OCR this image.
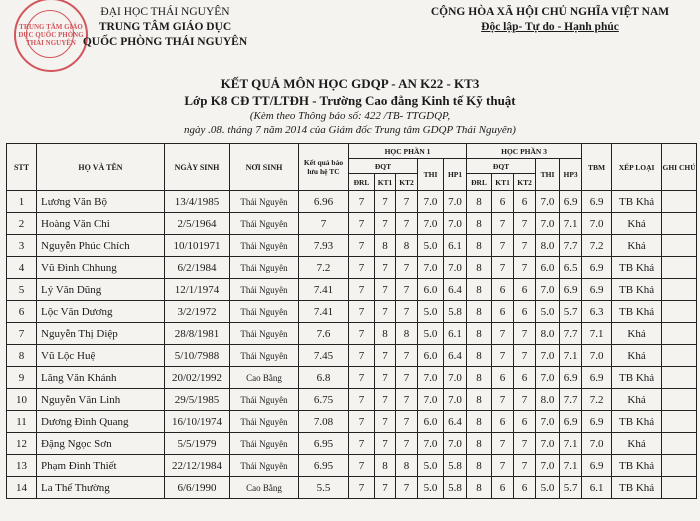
TRUNG TÂM GIÁO DỤC QUỐC PHÒNG THÁI NGUYÊN
ĐẠI HỌC THÁI NGUYÊN
TRUNG TÂM GIÁO DỤC
QUỐC PHÒNG THÁI NGUYÊN
CỘNG HÒA XÃ HỘI CHỦ NGHĨA VIỆT NAM
Độc lập- Tự do - Hạnh phúc
KẾT QUẢ MÔN HỌC GDQP - AN K22 - KT3
Lớp K8 CĐ TT/LTĐH - Trường Cao đẳng Kinh tế Kỹ thuật
(Kèm theo Thông báo số: 422 /TB- TTGDQP,
ngày .08. tháng 7 năm 2014 của Giám đốc Trung tâm GDQP Thái Nguyên)
STT	HỌ VÀ TÊN	NGÀY SINH	NƠI SINH	Kết quả bảo lưu hệ TC	HỌC PHẦN 1					HỌC PHẦN 3					TBM	XẾP LOẠI	GHI CHÚ
					ĐQT			THI	HP1	ĐQT			THI	HP3			
					ĐRL	KT1	KT2			ĐRL	KT1	KT2					
1	Lương Văn Bộ	13/4/1985	Thái Nguyên	6.96	7	7	7	7.0	7.0	8	6	6	7.0	6.9	6.9	TB Khá	
2	Hoàng Văn Chi	2/5/1964	Thái Nguyên	7	7	7	7	7.0	7.0	8	7	7	7.0	7.1	7.0	Khá	
3	Nguyễn Phúc Chích	10/101971	Thái Nguyên	7.93	7	8	8	5.0	6.1	8	7	7	8.0	7.7	7.2	Khá	
4	Vũ Đình Chhung	6/2/1984	Thái Nguyên	7.2	7	7	7	7.0	7.0	8	7	7	6.0	6.5	6.9	TB Khá	
5	Lý Văn Dũng	12/1/1974	Thái Nguyên	7.41	7	7	7	6.0	6.4	8	6	6	7.0	6.9	6.9	TB Khá	
6	Lộc Văn Dương	3/2/1972	Thái Nguyên	7.41	7	7	7	5.0	5.8	8	6	6	5.0	5.7	6.3	TB Khá	
7	Nguyễn Thị Diệp	28/8/1981	Thái Nguyên	7.6	7	8	8	5.0	6.1	8	7	7	8.0	7.7	7.1	Khá	
8	Vũ Lộc Huệ	5/10/7988	Thái Nguyên	7.45	7	7	7	6.0	6.4	8	7	7	7.0	7.1	7.0	Khá	
9	Lăng Văn Khánh	20/02/1992	Cao Bằng	6.8	7	7	7	7.0	7.0	8	6	6	7.0	6.9	6.9	TB Khá	
10	Nguyễn Văn Linh	29/5/1985	Thái Nguyên	6.75	7	7	7	7.0	7.0	8	7	7	8.0	7.7	7.2	Khá	
11	Dương Đình Quang	16/10/1974	Thái Nguyên	7.08	7	7	7	6.0	6.4	8	6	6	7.0	6.9	6.9	TB Khá	
12	Đặng Ngọc Sơn	5/5/1979	Thái Nguyên	6.95	7	7	7	7.0	7.0	8	7	7	7.0	7.1	7.0	Khá	
13	Phạm Đình Thiết	22/12/1984	Thái Nguyên	6.95	7	8	8	5.0	5.8	8	7	7	7.0	7.1	6.9	TB Khá	
14	La Thế Thường	6/6/1990	Cao Bằng	5.5	7	7	7	5.0	5.8	8	6	6	5.0	5.7	6.1	TB Khá	
